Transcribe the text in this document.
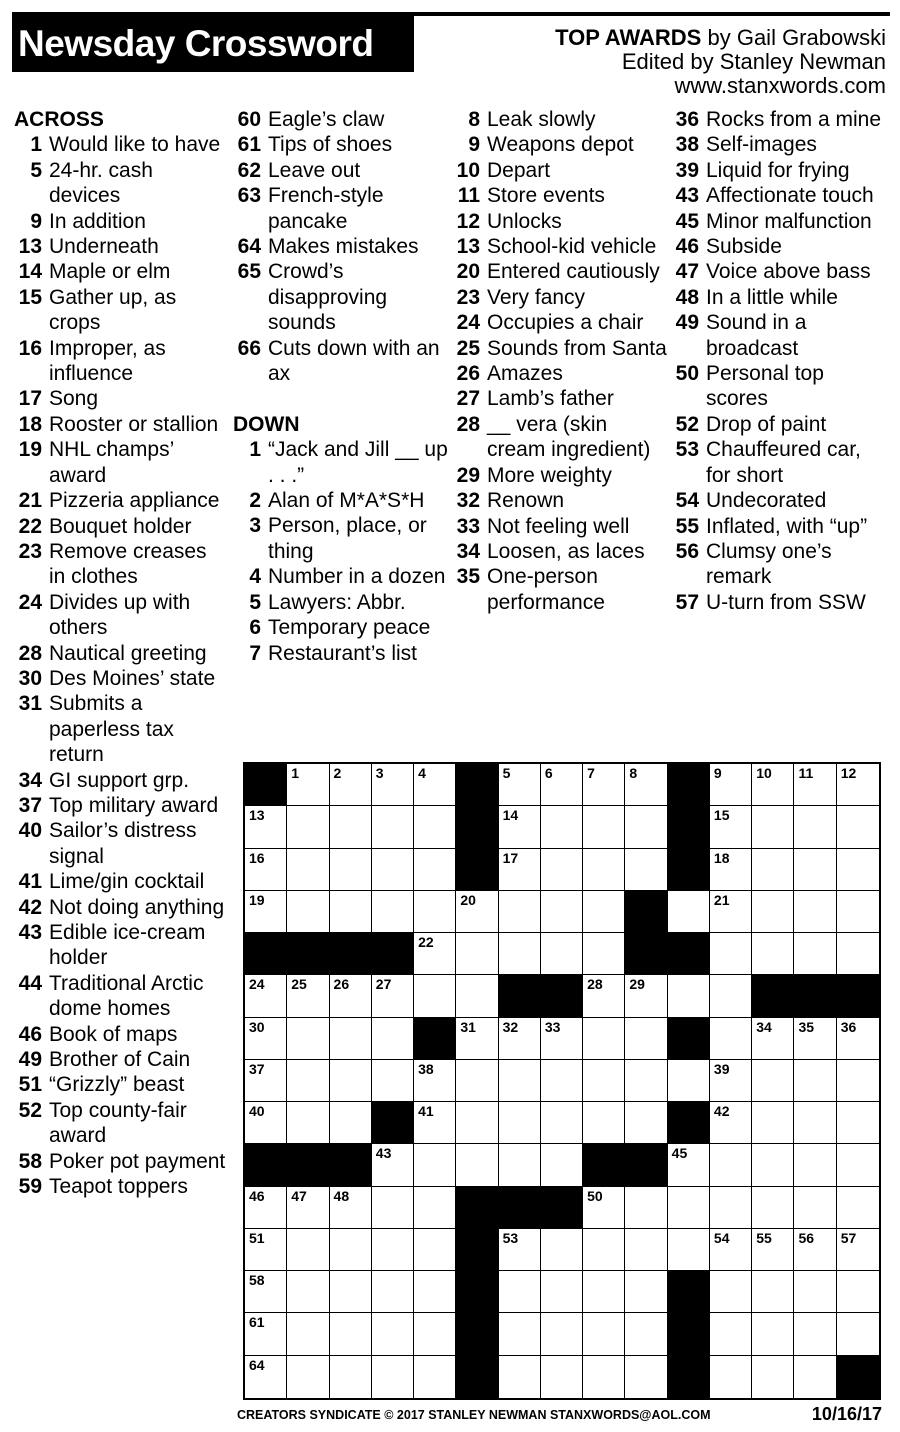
Newsday Crossword	TOP AWARDS by Gail Grabowski
Edited by Stanley Newman
www.stanxwords.com
ACROSS
1 Would like to have
5 24-hr. cash devices
9 In addition
13 Underneath
14 Maple or elm
15 Gather up, as crops
16 Improper, as influence
17 Song
18 Rooster or stallion
19 NHL champs’ award
21 Pizzeria appliance
22 Bouquet holder
23 Remove creases in clothes
24 Divides up with others
28 Nautical greeting
30 Des Moines’ state
31 Submits a paperless tax return
34 GI support grp.
37 Top military award
40 Sailor’s distress signal
41 Lime/gin cocktail
42 Not doing anything
43 Edible ice-cream holder
44 Traditional Arctic dome homes
46 Book of maps
49 Brother of Cain
51 “Grizzly” beast
52 Top county-fair award
58 Poker pot payment
59 Teapot toppers
60 Eagle’s claw
61 Tips of shoes
62 Leave out
63 French-style pancake
64 Makes mistakes
65 Crowd’s disapproving sounds
66 Cuts down with an ax
DOWN
1 “Jack and Jill __ up . . .”
2 Alan of M*A*S*H
3 Person, place, or thing
4 Number in a dozen
5 Lawyers: Abbr.
6 Temporary peace
7 Restaurant’s list
8 Leak slowly
9 Weapons depot
10 Depart
11 Store events
12 Unlocks
13 School-kid vehicle
20 Entered cautiously
23 Very fancy
24 Occupies a chair
25 Sounds from Santa
26 Amazes
27 Lamb’s father
28 __ vera (skin cream ingredient)
29 More weighty
32 Renown
33 Not feeling well
34 Loosen, as laces
35 One-person performance
36 Rocks from a mine
38 Self-images
39 Liquid for frying
43 Affectionate touch
45 Minor malfunction
46 Subside
47 Voice above bass
48 In a little while
49 Sound in a broadcast
50 Personal top scores
52 Drop of paint
53 Chauffeured car, for short
54 Undecorated
55 Inflated, with “up”
56 Clumsy one’s remark
57 U-turn from SSW
1 2 3 4	5 6 7 8	9 10 11 12
13	14	15
16	17	18
19	20	21
22	23
24 25 26 27	28 29
30	31 32 33	34 35 36
37	38	39
40	41	42
43	44 45
46 47 48	49 50
51	52 53	54 55 56 57
58	59	60
61	62	63
64	65	66
CREATORS SYNDICATE © 2017 STANLEY NEWMAN STANXWORDS@AOL.COM	10/16/17
